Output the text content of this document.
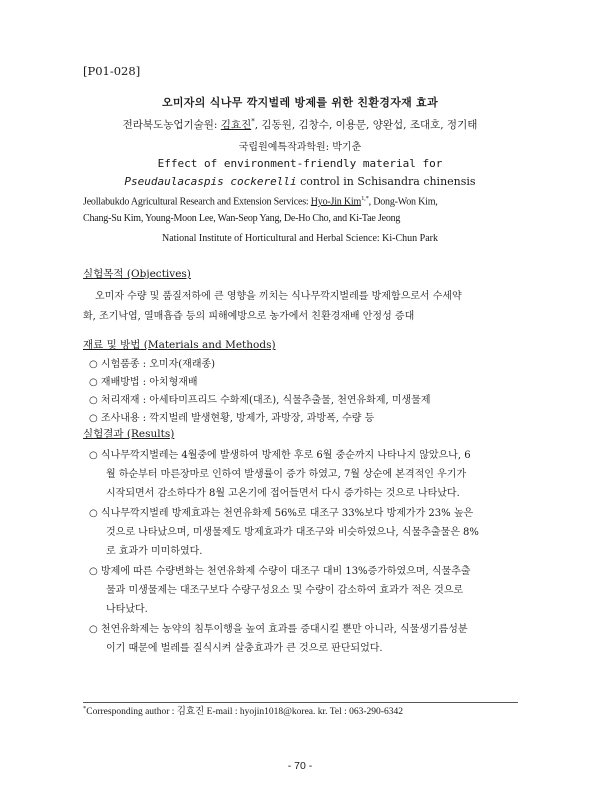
[P01-028]
오미자의 식나무 깍지벌레 방제를 위한 친환경자재 효과
전라북도농업기술원: 김효진*, 김동원, 김창수, 이용문, 양완섭, 조대호, 정기태
국립원예특작과학원: 박기춘
Effect of environment-friendly material for
Pseudaulacaspis cockerelli control in Schisandra chinensis
Jeollabukdo Agricultural Research and Extension Services: Hyo-Jin Kim$^{1,*}$, Dong-Won Kim,
Chang-Su Kim, Young-Moon Lee, Wan-Seop Yang, De-Ho Cho, and Ki-Tae Jeong
National Institute of Horticultural and Herbal Science: Ki-Chun Park
실험목적 (Objectives)
오미자 수량 및 품질저하에 큰 영향을 끼치는 식나무깍지벌레를 방제함으로서 수세약
화, 조기낙엽, 열매흡즙 등의 피해예방으로 농가에서 친환경재배 안정성 증대
재료 및 방법 (Materials and Methods)
○ 시험품종 : 오미자(재래종)
○ 재배방법 : 아치형재배
○ 처리재재 : 아세타미프리드 수화제(대조), 식물추출물, 천연유화제, 미생물제
○ 조사내용 : 깍지벌레 발생현황, 방제가, 과방장, 과방폭, 수량 등
실험결과 (Results)
○ 식나무깍지벌레는 4월중에 발생하여 방제한 후로 6월 중순까지 나타나지 않았으나, 6
월 하순부터 마른장마로 인하여 발생률이 증가 하였고, 7월 상순에 본격적인 우기가
시작되면서 감소하다가 8월 고온기에 접어들면서 다시 증가하는 것으로 나타났다.
○ 식나무깍지벌레 방제효과는 천연유화제 56%로 대조구 33%보다 방제가가 23% 높은
것으로 나타났으며, 미생물제도 방제효과가 대조구와 비슷하였으나, 식물추출물은 8%
로 효과가 미미하였다.
○ 방제에 따른 수량변화는 천연유화제 수량이 대조구 대비 13%증가하였으며, 식물추출
물과 미생물제는 대조구보다 수량구성요소 및 수량이 감소하여 효과가 적은 것으로
나타났다.
○ 천연유화제는 농약의 침투이행을 높여 효과를 증대시킬 뿐만 아니라, 식물생기름성분
이기 때문에 벌레를 질식시켜 살충효과가 큰 것으로 판단되었다.
*Corresponding author : 김효진 E-mail : hyojin1018@korea. kr. Tel : 063-290-6342
- 70 -
